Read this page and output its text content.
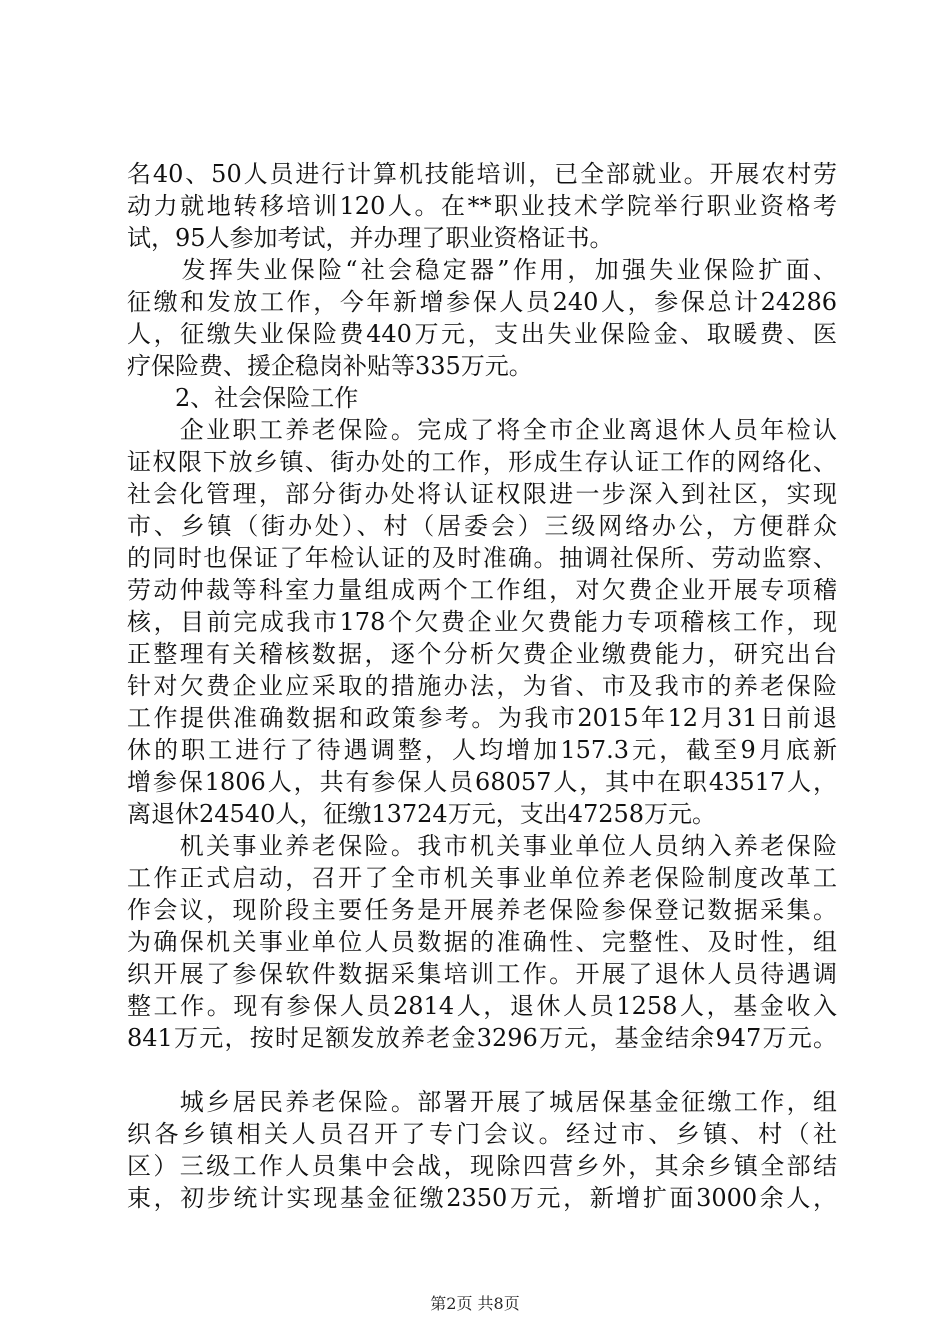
名40、50人员进行计算机技能培训，已全部就业。开展农村劳
动力就地转移培训120人。在**职业技术学院举行职业资格考
试，95人参加考试，并办理了职业资格证书。
　　发挥失业保险“社会稳定器”作用，加强失业保险扩面、
征缴和发放工作，今年新增参保人员240人，参保总计24286
人，征缴失业保险费440万元，支出失业保险金、取暖费、医
疗保险费、援企稳岗补贴等335万元。
　　2、社会保险工作
　　企业职工养老保险。完成了将全市企业离退休人员年检认
证权限下放乡镇、街办处的工作，形成生存认证工作的网络化、
社会化管理，部分街办处将认证权限进一步深入到社区，实现
市、乡镇（街办处）、村（居委会）三级网络办公，方便群众
的同时也保证了年检认证的及时准确。抽调社保所、劳动监察、
劳动仲裁等科室力量组成两个工作组，对欠费企业开展专项稽
核，目前完成我市178个欠费企业欠费能力专项稽核工作，现
正整理有关稽核数据，逐个分析欠费企业缴费能力，研究出台
针对欠费企业应采取的措施办法，为省、市及我市的养老保险
工作提供准确数据和政策参考。为我市2015年12月31日前退
休的职工进行了待遇调整，人均增加157.3元，截至9月底新
增参保1806人，共有参保人员68057人，其中在职43517人，
离退休24540人，征缴13724万元，支出47258万元。
　　机关事业养老保险。我市机关事业单位人员纳入养老保险
工作正式启动，召开了全市机关事业单位养老保险制度改革工
作会议，现阶段主要任务是开展养老保险参保登记数据采集。
为确保机关事业单位人员数据的准确性、完整性、及时性，组
织开展了参保软件数据采集培训工作。开展了退休人员待遇调
整工作。现有参保人员2814人，退休人员1258人，基金收入
841万元，按时足额发放养老金3296万元，基金结余947万元。
　　城乡居民养老保险。部署开展了城居保基金征缴工作，组
织各乡镇相关人员召开了专门会议。经过市、乡镇、村（社
区）三级工作人员集中会战，现除四营乡外，其余乡镇全部结
束，初步统计实现基金征缴2350万元，新增扩面3000余人，
第2页 共8页
